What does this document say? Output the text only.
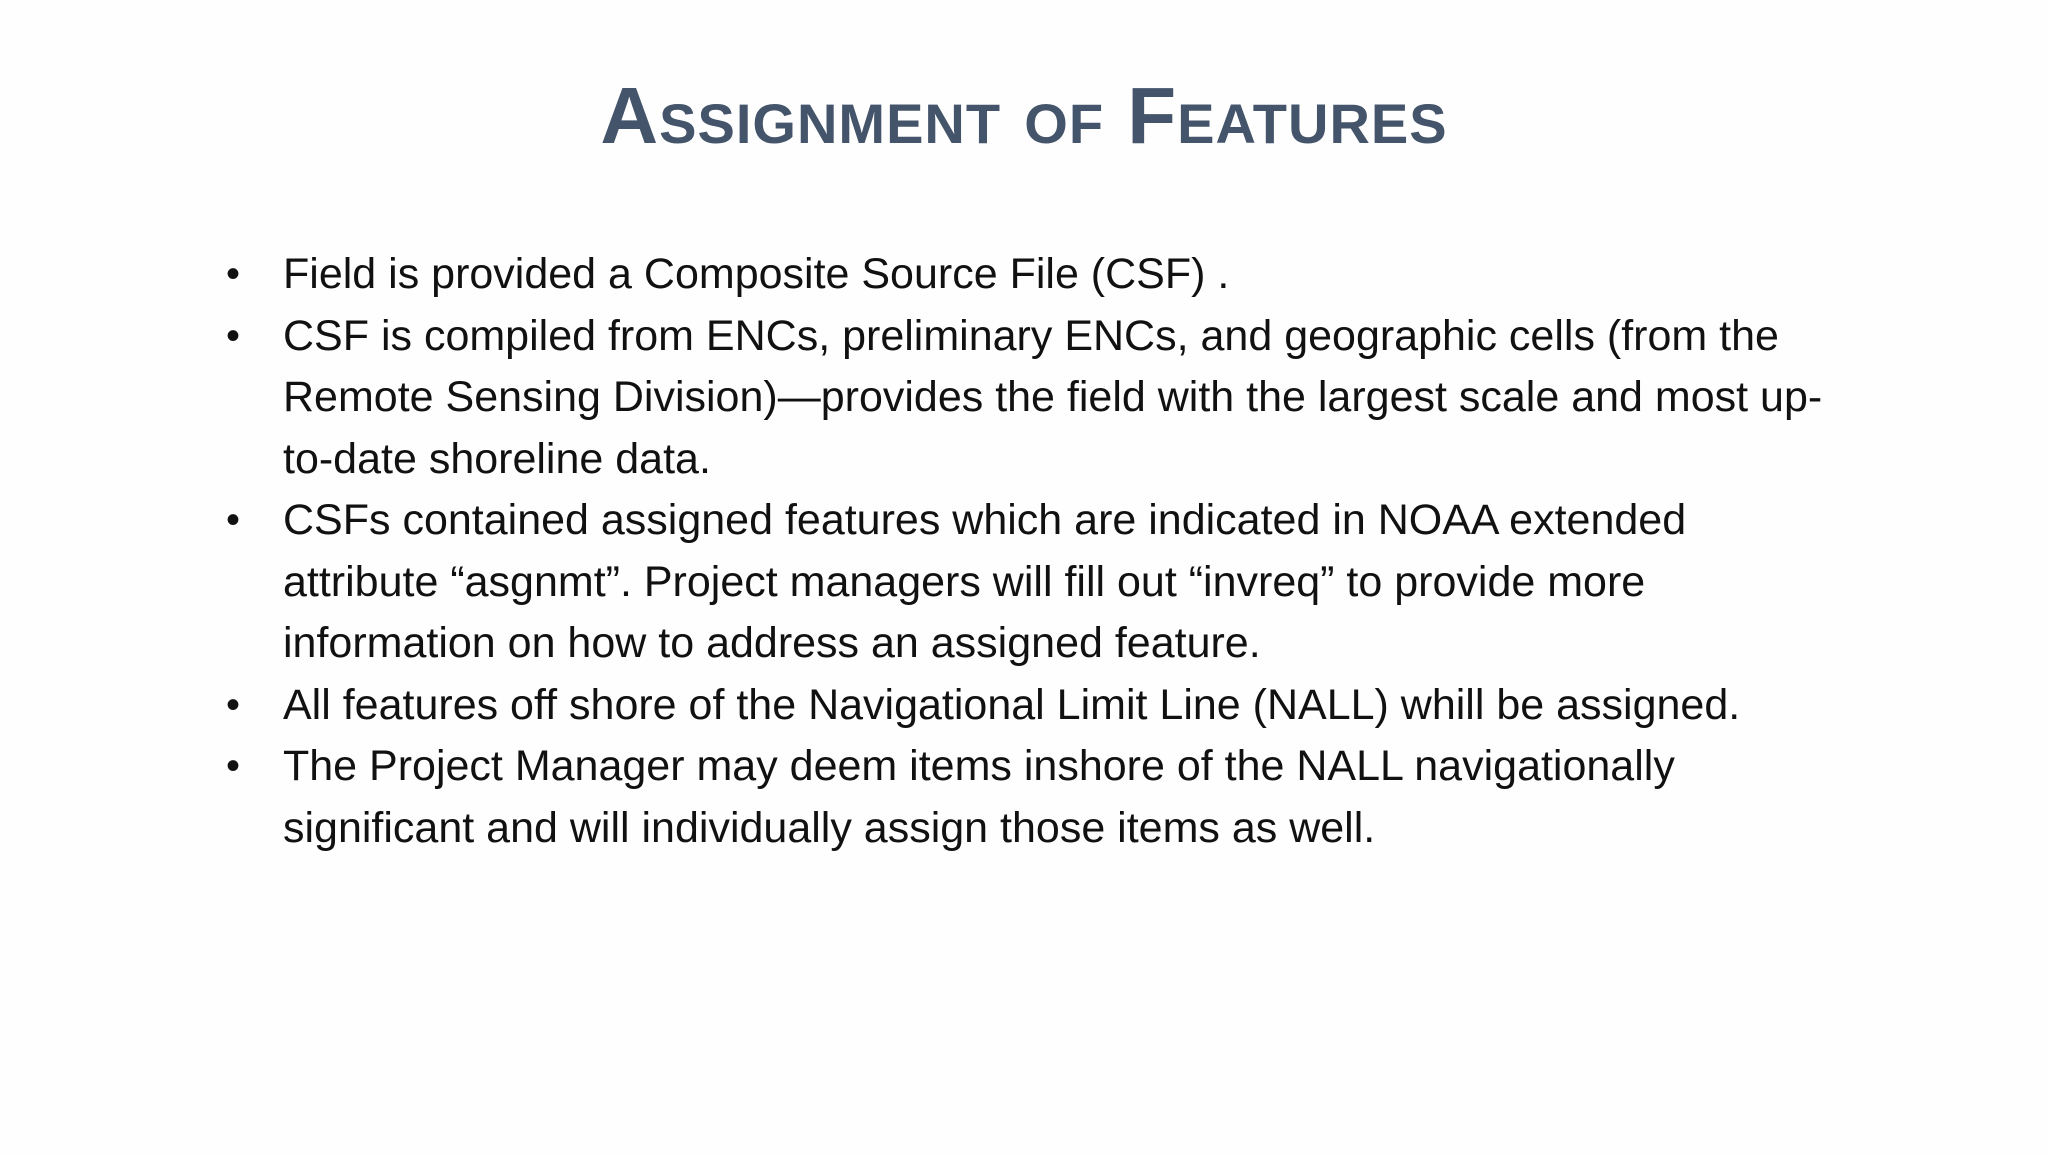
Assignment of Features
• Field is provided a Composite Source File (CSF) .
• CSF is compiled from ENCs, preliminary ENCs, and geographic cells (from the Remote Sensing Division)—provides the field with the largest scale and most up-to-date shoreline data.
• CSFs contained assigned features which are indicated in NOAA extended attribute “asgnmt”. Project managers will fill out “invreq” to provide more information on how to address an assigned feature.
• All features off shore of the Navigational Limit Line (NALL) whill be assigned.
• The Project Manager may deem items inshore of the NALL navigationally significant and will individually assign those items as well.
